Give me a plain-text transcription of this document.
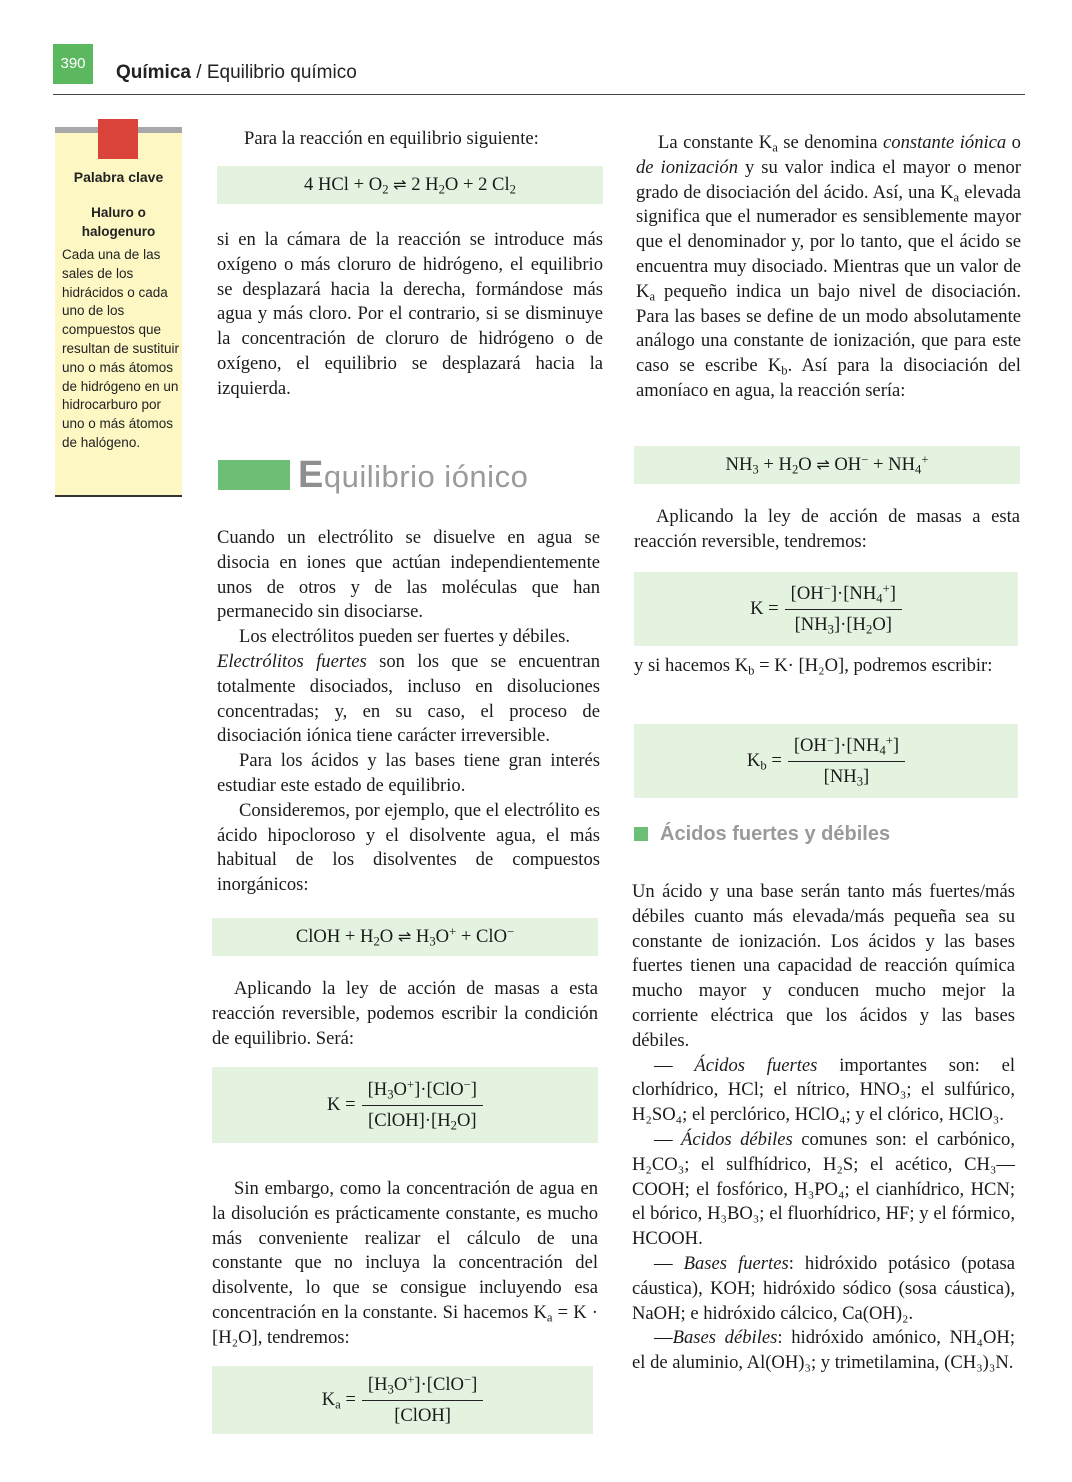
390	Química / Equilibrio químico
Palabra clave
Haluro o halogenuro
Cada una de las sales de los hidrácidos o cada uno de los compuestos que resultan de sustituir uno o más átomos de hidrógeno en un hidrocarburo por uno o más átomos de halógeno.

Para la reacción en equilibrio siguiente:

4 HCl + $O_2$ ⇌ 2 $H_2O + 2$ $Cl_2$

si en la cámara de la reacción se introduce más oxígeno o más cloruro de hidrógeno, el equilibrio se desplazará hacia la derecha, formándose más agua y más cloro. Por el contrario, si se disminuye la concentración de cloruro de hidrógeno o de oxígeno, el equilibrio se desplazará hacia la izquierda.

Equilibrio iónico

Cuando un electrólito se disuelve en agua se disocia en iones que actúan independientemente unos de otros y de las moléculas que han permanecido sin disociarse.

Los electrólitos pueden ser fuertes y débiles.

Electrólitos fuertes son los que se encuentran totalmente disociados, incluso en disoluciones concentradas; y, en su caso, el proceso de disociación iónica tiene carácter irreversible.

Para los ácidos y las bases tiene gran interés estudiar este estado de equilibrio.

Consideremos, por ejemplo, que el electrólito es ácido hipocloroso y el disolvente agua, el más habitual de los disolventes de compuestos inorgánicos:

ClOH + $H_2O$ ⇌ $H_3O^+ + ClO^-$

Aplicando la ley de acción de masas a esta reacción reversible, podemos escribir la condición de equilibrio. Será:

$K = \frac{[H_3O^+]\cdot[ClO^-]}{[ClOH]\cdot[H_2O]}$

Sin embargo, como la concentración de agua en la disolución es prácticamente constante, es mucho más conveniente realizar el cálculo de una constante que no incluya la concentración del disolvente, lo que se consigue incluyendo esa concentración en la constante. Si hacemos $K_a = K \cdot [H_2O]$, tendremos:

$K_a = \frac{[H_3O^+]\cdot[ClO^-]}{\text{[ClOH]}}$

La constante $K_a$ se denomina constante iónica o de ionización y su valor indica el mayor o menor grado de disociación del ácido. Así, una $K_a$ elevada significa que el numerador es sensiblemente mayor que el denominador y, por lo tanto, que el ácido se encuentra muy disociado. Mientras que un valor de $K_a$ pequeño indica un bajo nivel de disociación. Para las bases se define de un modo absolutamente análogo una constante de ionización, que para este caso se escribe $K_b$. Así para la disociación del amoníaco en agua, la reacción sería:

$NH_3 + H_2O$ ⇌ $OH^- + NH_4^+$

Aplicando la ley de acción de masas a esta reacción reversible, tendremos:

$K = \frac{[OH^-]\cdot[NH_4^+]}{[NH_3]\cdot[H_2O]}$

y si hacemos $K_b = K\cdot [H_2O]$, podremos escribir:

$K_b = \frac{[OH^-]\cdot[NH_4^+]}{[NH_3]}$
Ácidos fuertes y débiles

Un ácido y una base serán tanto más fuertes/más débiles cuanto más elevada/más pequeña sea su constante de ionización. Los ácidos y las bases fuertes tienen una capacidad de reacción química mucho mayor y conducen mucho mejor la corriente eléctrica que los ácidos y las bases débiles.

— Ácidos fuertes importantes son: el clorhídrico, HCl; el nítrico, HNO₃; el sulfúrico, H₂SO₄; el perclórico, HClO₄; y el clórico, HClO₃.

— Ácidos débiles comunes son: el carbónico, H₂CO₃; el sulfhídrico, H₂S; el acético, CH₃—COOH; el fosfórico, H₃PO₄; el cianhídrico, HCN; el bórico, H₃BO₃; el fluorhídrico, HF; y el fórmico, HCOOH.

— Bases fuertes: hidróxido potásico (potasa cáustica), KOH; hidróxido sódico (sosa cáustica), NaOH; e hidróxido cálcico, Ca(OH)₂.

—Bases débiles: hidróxido amónico, NH₄OH; el de aluminio, Al(OH)₃; y trimetilamina, (CH₃)₃N.
